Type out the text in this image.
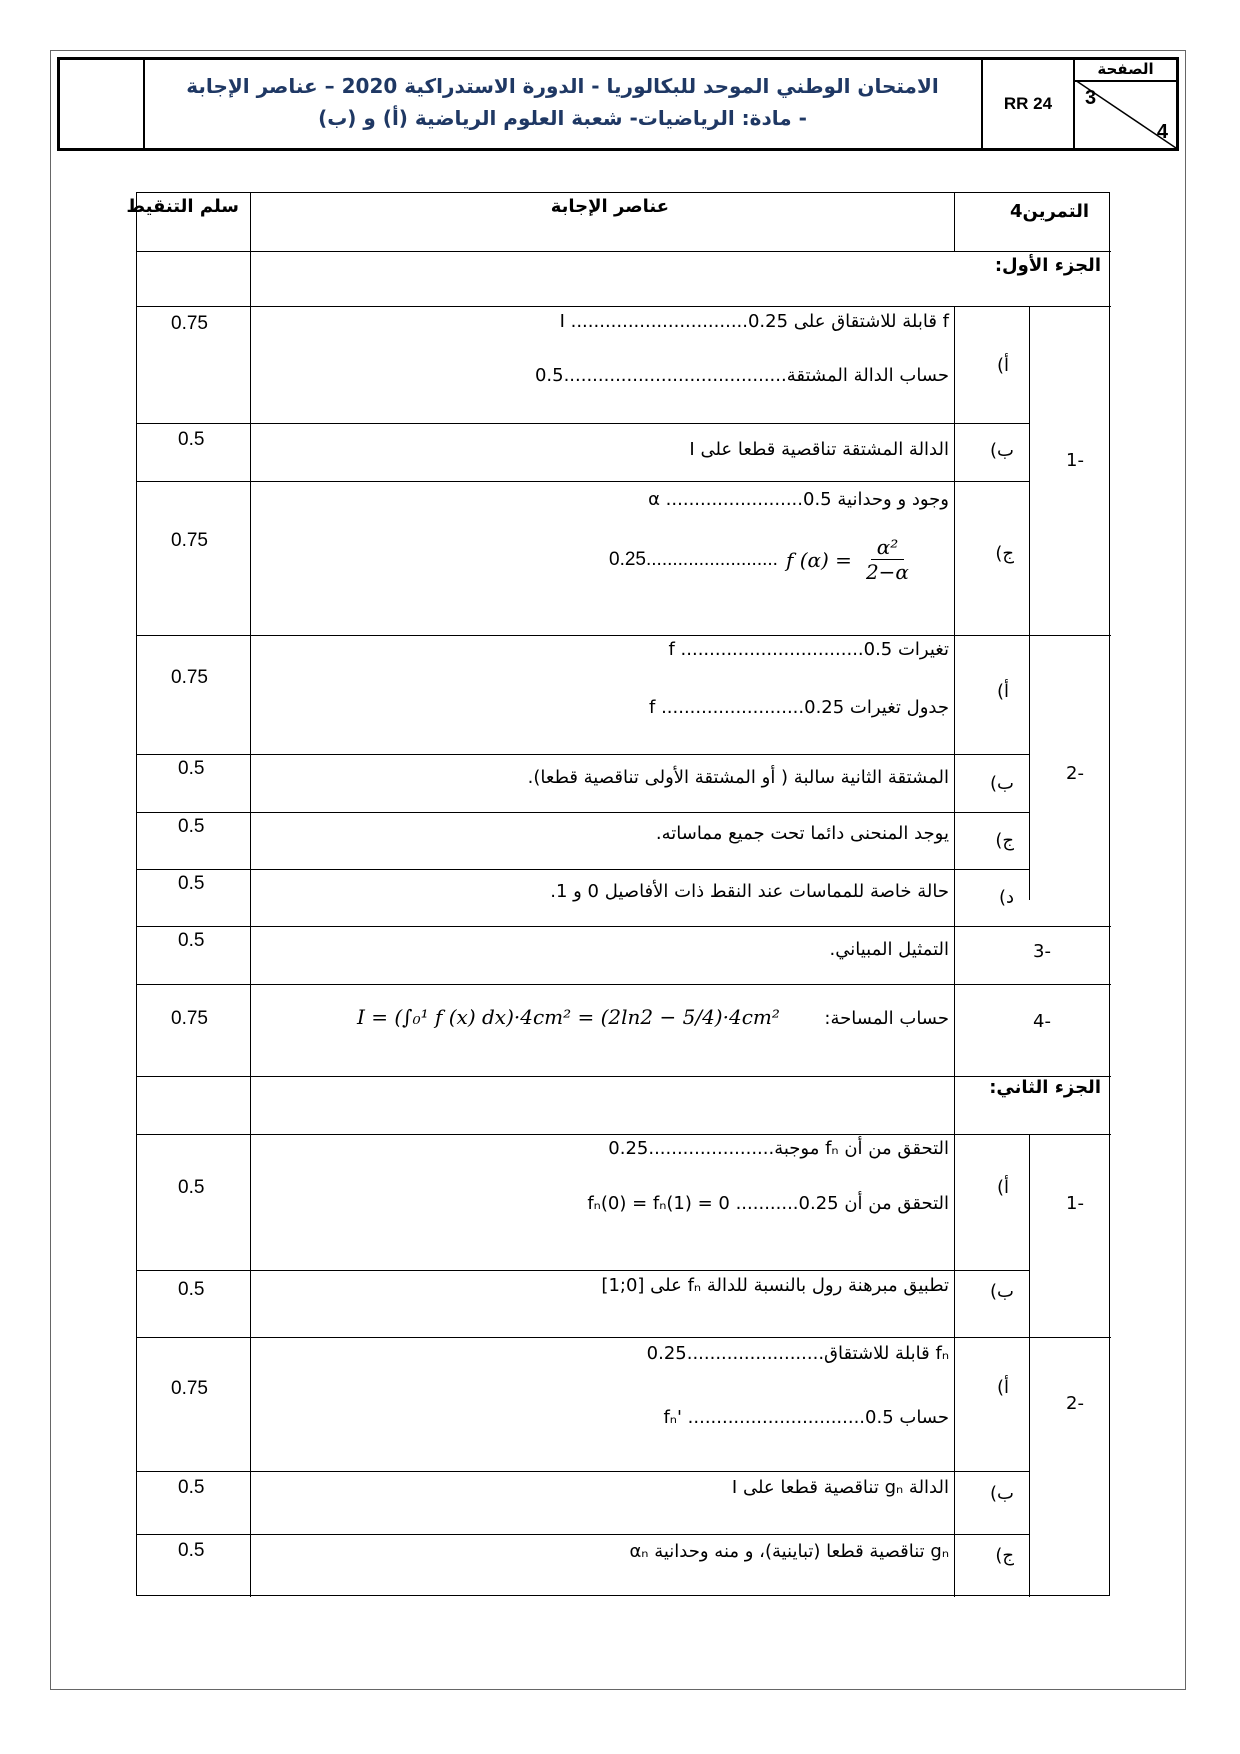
الصفحة
3
4
RR 24
الامتحان الوطني الموحد للبكالوريا - الدورة الاستدراكية 2020 – عناصر الإجابة
- مادة: الرياضيات- شعبة العلوم الرياضية (أ) و (ب)
التمرين4
عناصر الإجابة
سلم التنقيط
الجزء الأول:
-1
-2
-3
-4
-1
-2
أ)
ب)
ج)
أ)
ب)
ج)
د)
أ)
ب)
أ)
ب)
ج)
f قابلة للاشتقاق على I ...............................0.25
حساب الدالة المشتقة.......................................0.5
الدالة المشتقة تناقصية قطعا على I
وجود و وحدانية α ........................0.5
0.25......................... f $(\alpha) = \frac{\text{α²}}{2-\alpha}$
تغيرات f ................................0.5
جدول تغيرات f .........................0.25
المشتقة الثانية سالبة ( أو المشتقة الأولى تناقصية قطعا).
يوجد المنحنى دائما تحت جميع مماساته.
حالة خاصة للمماسات عند النقط ذات الأفاصيل 0 و 1.
التمثيل المبياني.
حساب المساحة:
I = (∫₀¹ f (x) dx)·4cm² = (2ln2 − 5/4)·4cm²
الجزء الثاني:
التحقق من أن fₙ موجبة......................0.25
التحقق من أن fₙ(0) = fₙ(1) = 0 ...........0.25
تطبيق مبرهنة رول بالنسبة للدالة fₙ على [0;1]
fₙ قابلة للاشتقاق........................0.25
حساب fₙ' ...............................0.5
الدالة gₙ تناقصية قطعا على I
gₙ تناقصية قطعا (تباينية)، و منه وحدانية αₙ
0.75
0.5
0.75
0.75
0.5
0.5
0.5
0.5
0.75
0.5
0.5
0.75
0.5
0.5
